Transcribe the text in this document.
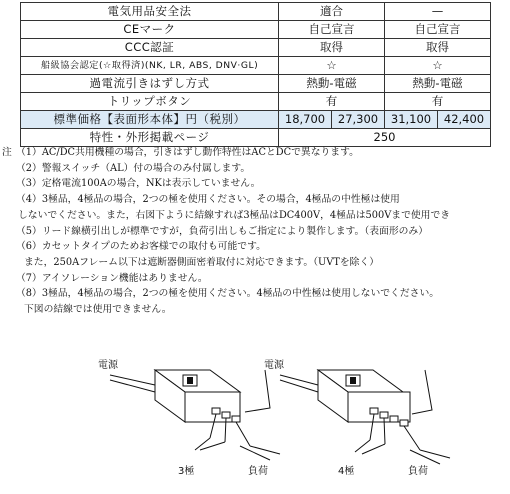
電気用品安全法	適合		—	
CEマーク	自己宣言		自己宣言	
CCC認証	取得		取得	
船級協会認定(☆取得済)(NK, LR, ABS, DNV·GL)	☆		☆	
過電流引きはずし方式	熱動-電磁		熱動-電磁	
トリップボタン	有		有	
標準価格【表面形本体】円（税別）	18,700	27,300	31,100	42,400
特性・外形掲載ページ	250			
注 （1）AC/DC共用機種の場合，引きはずし動作特性はACとDCで異なります。
（2）警報スイッチ（AL）付の場合のみ付属します。
（3）定格電流100Aの場合，NKは表示していません。
（4）3極品，4極品の場合，2つの極を使用ください。その場合，4極品の中性極は使用
しないでください。また，右図下ように結線すれば3極品はDC400V，4極品は500Vまで使用でき
（5）リード線横引出しが標準ですが，負荷引出しもご指定により製作します。（表面形のみ）
（6）カセットタイプのためお客様での取付も可能です。
また，250Aフレーム以下は遮断器側面密着取付に対応できます。（UVTを除く）
（7）アイソレーション機能はありません。
（8）3極品，4極品の場合，2つの極を使用ください。4極品の中性極は使用しないでください。
下図の結線では使用できません。
電源
3極	負荷
電源
4極	負荷
